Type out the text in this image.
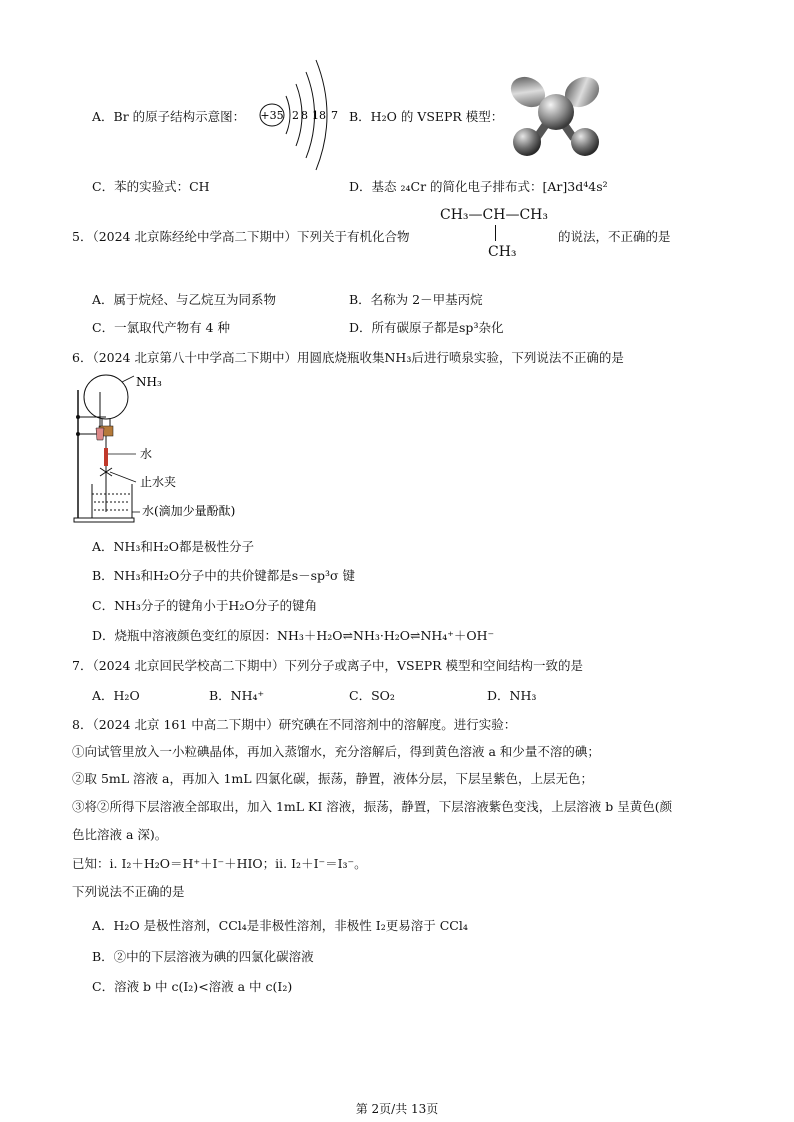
A．Br 的原子结构示意图： +35 2 8 18 7 B．H₂O 的 VSEPR 模型：
C．苯的实验式：CH	D．基态 ₂₄Cr 的简化电子排布式：[Ar]3d⁴4s²
5．（2024 北京陈经纶中学高二下期中）下列关于有机化合物
CH₃—CH—CH₃
CH₃
的说法，不正确的是
A．属于烷烃、与乙烷互为同系物	B．名称为 2－甲基丙烷
C．一氯取代产物有 4 种	D．所有碳原子都是sp³杂化
6．（2024 北京第八十中学高二下期中）用圆底烧瓶收集NH₃后进行喷泉实验，下列说法不正确的是
NH₃
水
止水夹
水(滴加少量酚酞)
A．NH₃和H₂O都是极性分子
B．NH₃和H₂O分子中的共价键都是s－sp³σ 键
C．NH₃分子的键角小于H₂O分子的键角
D．烧瓶中溶液颜色变红的原因：NH₃＋H₂O⇌NH₃·H₂O⇌NH₄⁺＋OH⁻
7．（2024 北京回民学校高二下期中）下列分子或离子中，VSEPR 模型和空间结构一致的是
A．H₂O	B．NH₄⁺	C．SO₂	D．NH₃
8．（2024 北京 161 中高二下期中）研究碘在不同溶剂中的溶解度。进行实验：
①向试管里放入一小粒碘晶体，再加入蒸馏水，充分溶解后，得到黄色溶液 a 和少量不溶的碘；
②取 5mL 溶液 a，再加入 1mL 四氯化碳，振荡，静置，液体分层，下层呈紫色，上层无色；
③将②所得下层溶液全部取出，加入 1mL KI 溶液，振荡，静置，下层溶液紫色变浅，上层溶液 b 呈黄色(颜
色比溶液 a 深)。
已知：i. I₂＋H₂O＝H⁺＋I⁻＋HIO；ii. I₂＋I⁻＝I₃⁻。
下列说法不正确的是
A．H₂O 是极性溶剂，CCl₄是非极性溶剂，非极性 I₂更易溶于 CCl₄
B．②中的下层溶液为碘的四氯化碳溶液
C．溶液 b 中 c(I₂)<溶液 a 中 c(I₂)
第 2页/共 13页
